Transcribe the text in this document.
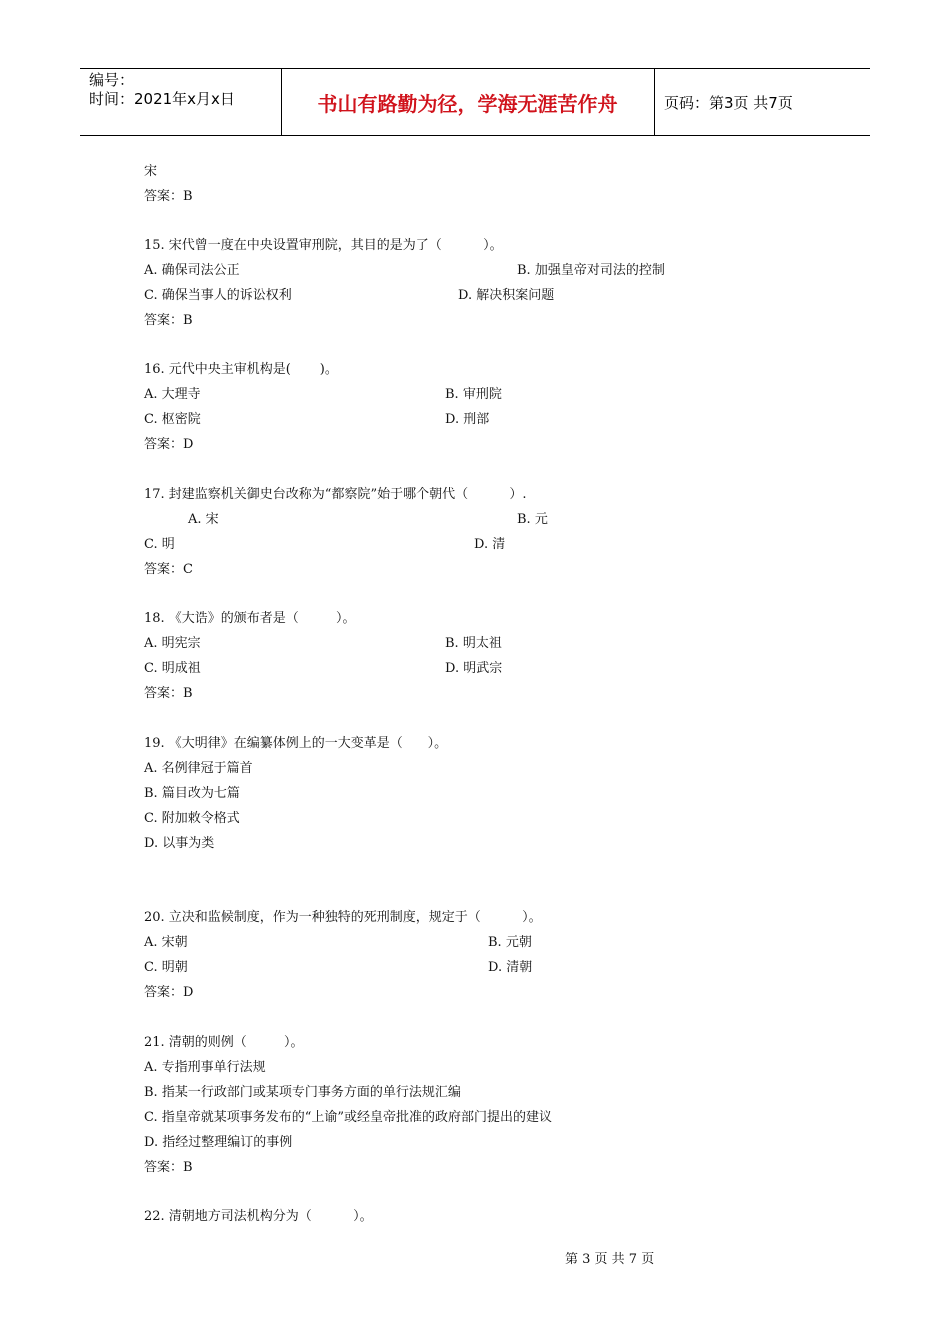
编号：
时间：2021年x月x日	书山有路勤为径，学海无涯苦作舟	页码：第3页 共7页
宋
答案：B
15. 宋代曾一度在中央设置审刑院，其目的是为了（          ）。
A. 确保司法公正	B. 加强皇帝对司法的控制
C. 确保当事人的诉讼权利	D. 解决积案问题
答案：B
16. 元代中央主审机构是(       )。
A. 大理寺	B. 审刑院
C. 枢密院	D. 刑部
答案：D
17. 封建监察机关御史台改称为“都察院”始于哪个朝代（          ）.
A. 宋	B. 元
C. 明	D. 清
答案：C
18. 《大诰》的颁布者是（         ）。
A. 明宪宗	B. 明太祖
C. 明成祖	D. 明武宗
答案：B
19. 《大明律》在编纂体例上的一大变革是（      ）。
A. 名例律冠于篇首
B. 篇目改为七篇
C. 附加敕令格式
D. 以事为类
20. 立决和监候制度，作为一种独特的死刑制度，规定于（          ）。
A. 宋朝	B. 元朝
C. 明朝	D. 清朝
答案：D
21. 清朝的则例（         ）。
A. 专指刑事单行法规
B. 指某一行政部门或某项专门事务方面的单行法规汇编
C. 指皇帝就某项事务发布的“上谕”或经皇帝批准的政府部门提出的建议
D. 指经过整理编订的事例
答案：B
22. 清朝地方司法机构分为（          ）。
第 3 页 共 7 页
